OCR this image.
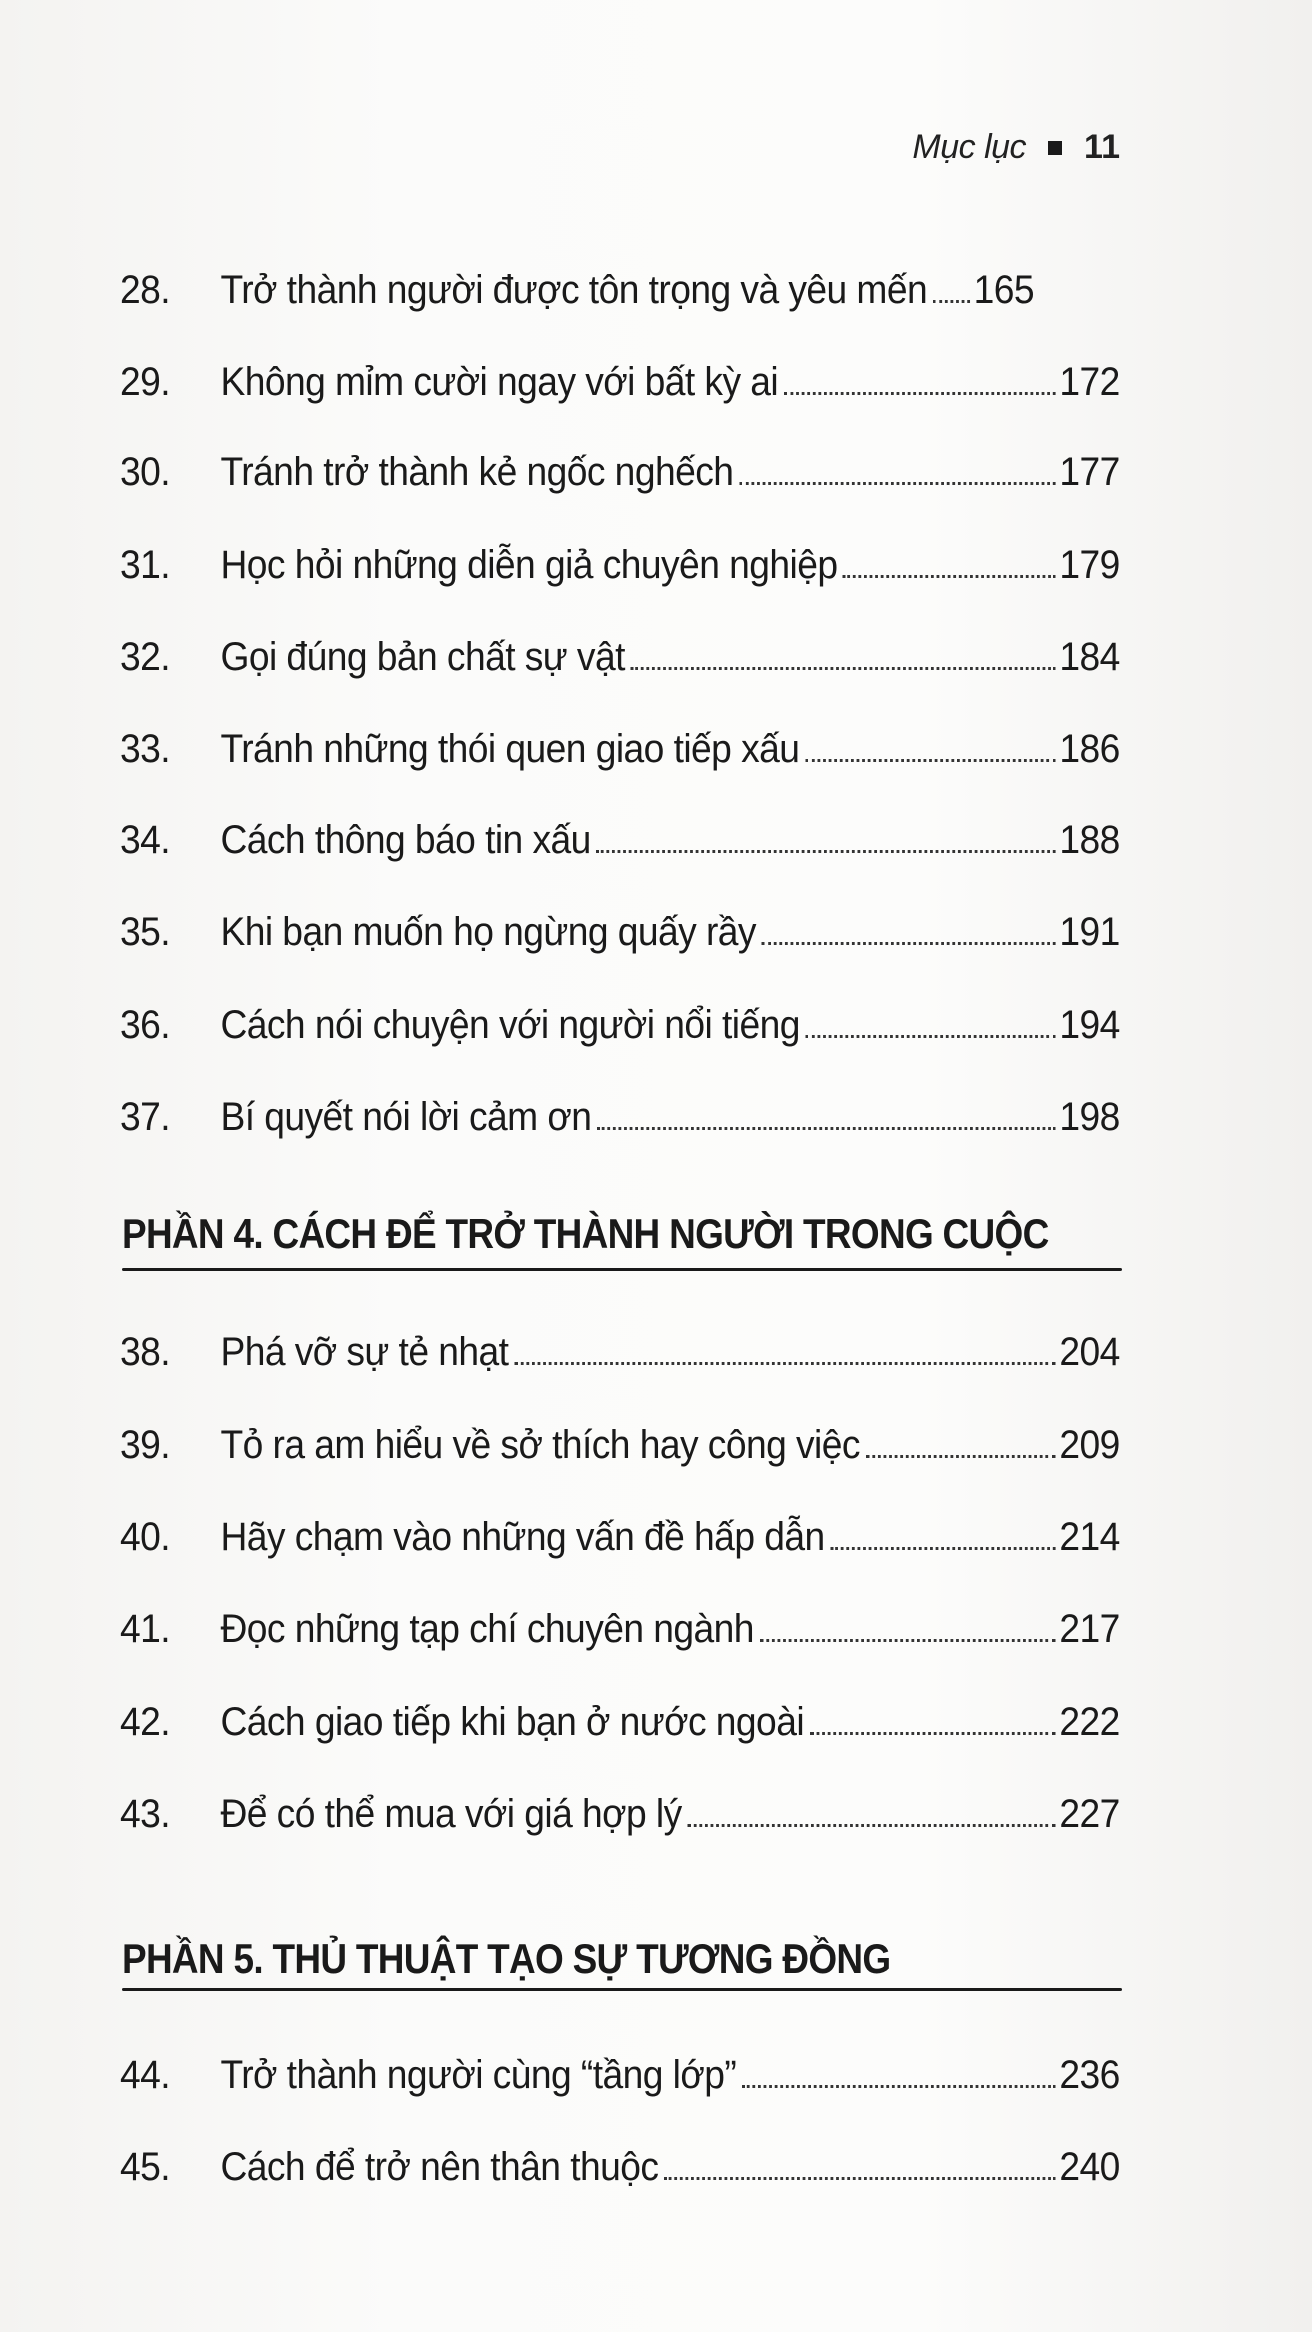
Mục lục 11
28.	Trở thành người được tôn trọng và yêu mến 165
29.	Không mỉm cười ngay với bất kỳ ai	172
30.	Tránh trở thành kẻ ngốc nghếch	177
31.	Học hỏi những diễn giả chuyên nghiệp	179
32.	Gọi đúng bản chất sự vật	184
33.	Tránh những thói quen giao tiếp xấu	186
34.	Cách thông báo tin xấu	188
35.	Khi bạn muốn họ ngừng quấy rầy	191
36.	Cách nói chuyện với người nổi tiếng	194
37.	Bí quyết nói lời cảm ơn	198
PHẦN 4. CÁCH ĐỂ TRỞ THÀNH NGƯỜI TRONG CUỘC
38.	Phá vỡ sự tẻ nhạt	204
39.	Tỏ ra am hiểu về sở thích hay công việc	209
40.	Hãy chạm vào những vấn đề hấp dẫn	214
41.	Đọc những tạp chí chuyên ngành	217
42.	Cách giao tiếp khi bạn ở nước ngoài	222
43.	Để có thể mua với giá hợp lý	227
PHẦN 5. THỦ THUẬT TẠO SỰ TƯƠNG ĐỒNG
44.	Trở thành người cùng “tầng lớp”	236
45.	Cách để trở nên thân thuộc	240
